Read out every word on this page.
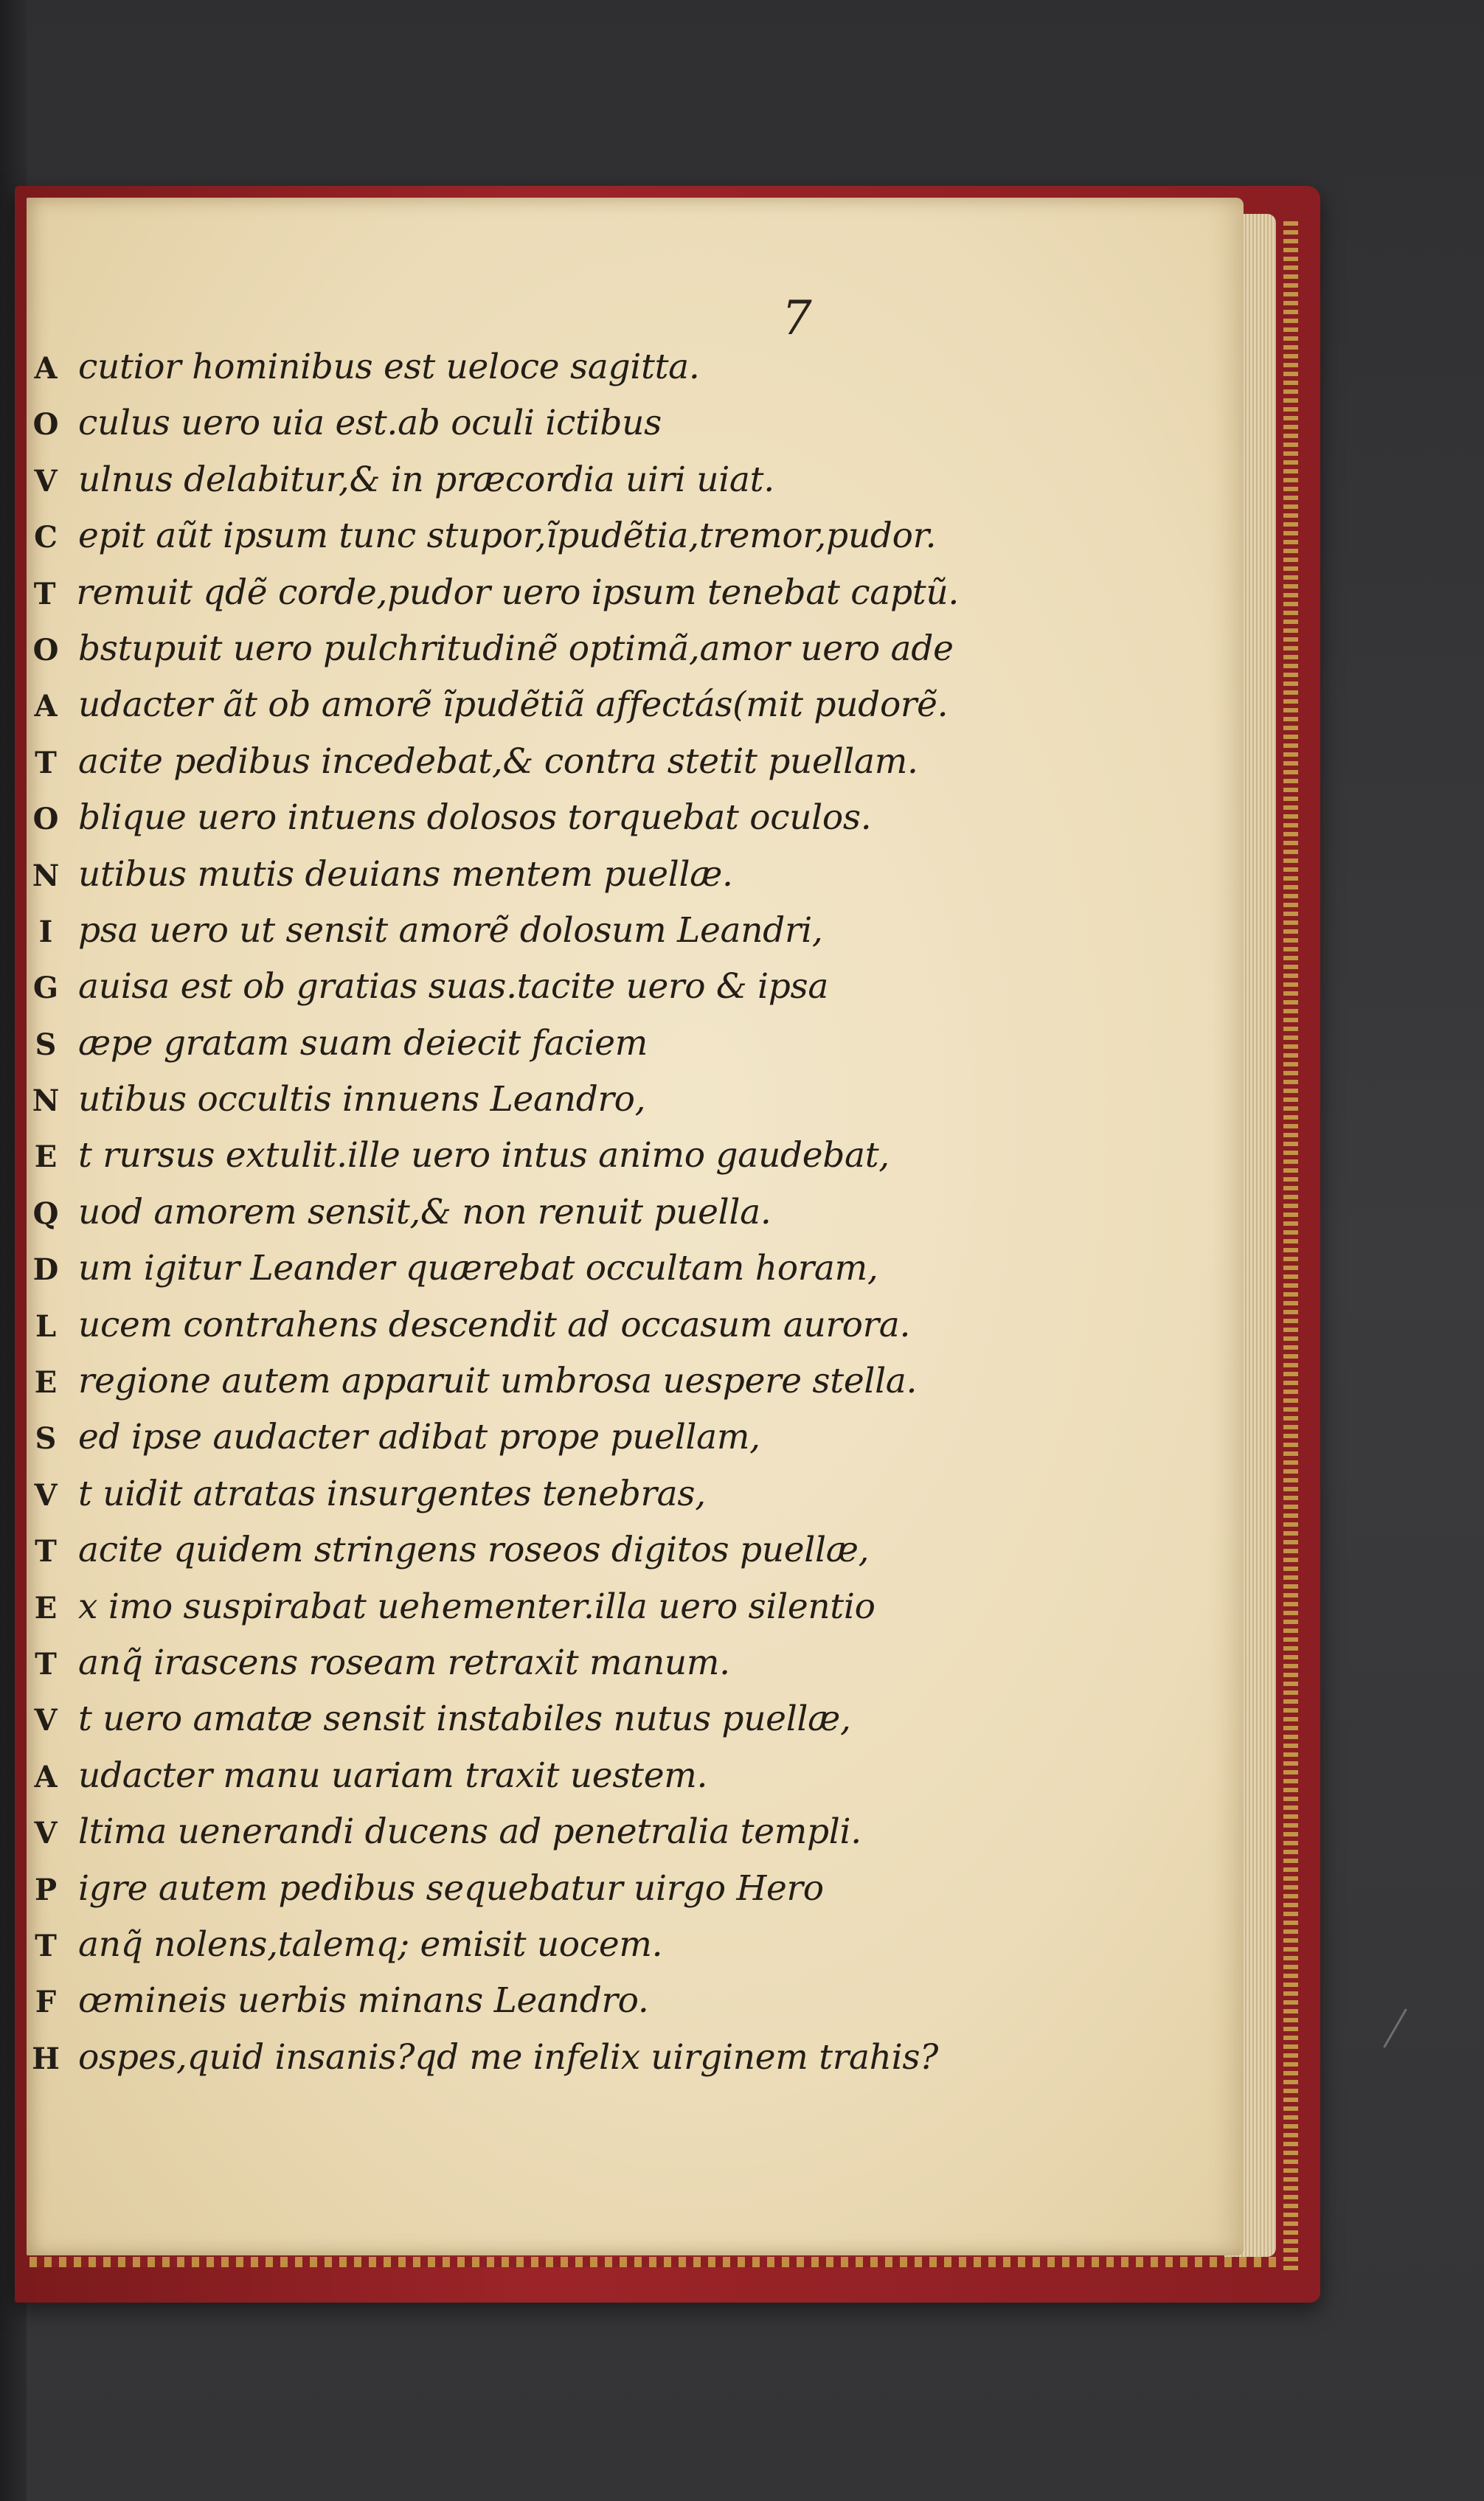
7
A cutior hominibus est ueloce sagitta.
O culus uero uia est.ab oculi ictibus
V ulnus delabitur,& in præcordia uiri uiat.
C epit aũt ipsum tunc stupor,ĩpudẽtia,tremor,pudor.
T remuit qdẽ corde,pudor uero ipsum tenebat captũ.
O bstupuit uero pulchritudinẽ optimã,amor uero ade
A udacter ãt ob amorẽ ĩpudẽtiã affectás(mit pudorẽ.
T acite pedibus incedebat,& contra stetit puellam.
O blique uero intuens dolosos torquebat oculos.
N utibus mutis deuians mentem puellæ.
I psa uero ut sensit amorẽ dolosum Leandri,
G auisa est ob gratias suas.tacite uero & ipsa
S æpe gratam suam deiecit faciem
N utibus occultis innuens Leandro,
E t rursus extulit.ille uero intus animo gaudebat,
Q uod amorem sensit,& non renuit puella.
D um igitur Leander quærebat occultam horam,
L ucem contrahens descendit ad occasum aurora.
E regione autem apparuit umbrosa uespere stella.
S ed ipse audacter adibat prope puellam,
V t uidit atratas insurgentes tenebras,
T acite quidem stringens roseos digitos puellæ,
E x imo suspirabat uehementer.illa uero silentio
T anq̃ irascens roseam retraxit manum.
V t uero amatæ sensit instabiles nutus puellæ,
A udacter manu uariam traxit uestem.
V ltima uenerandi ducens ad penetralia templi.
P igre autem pedibus sequebatur uirgo Hero
T anq̃ nolens,talemq; emisit uocem.
F œmineis uerbis minans Leandro.
H ospes,quid insanis?qd me infelix uirginem trahis?
